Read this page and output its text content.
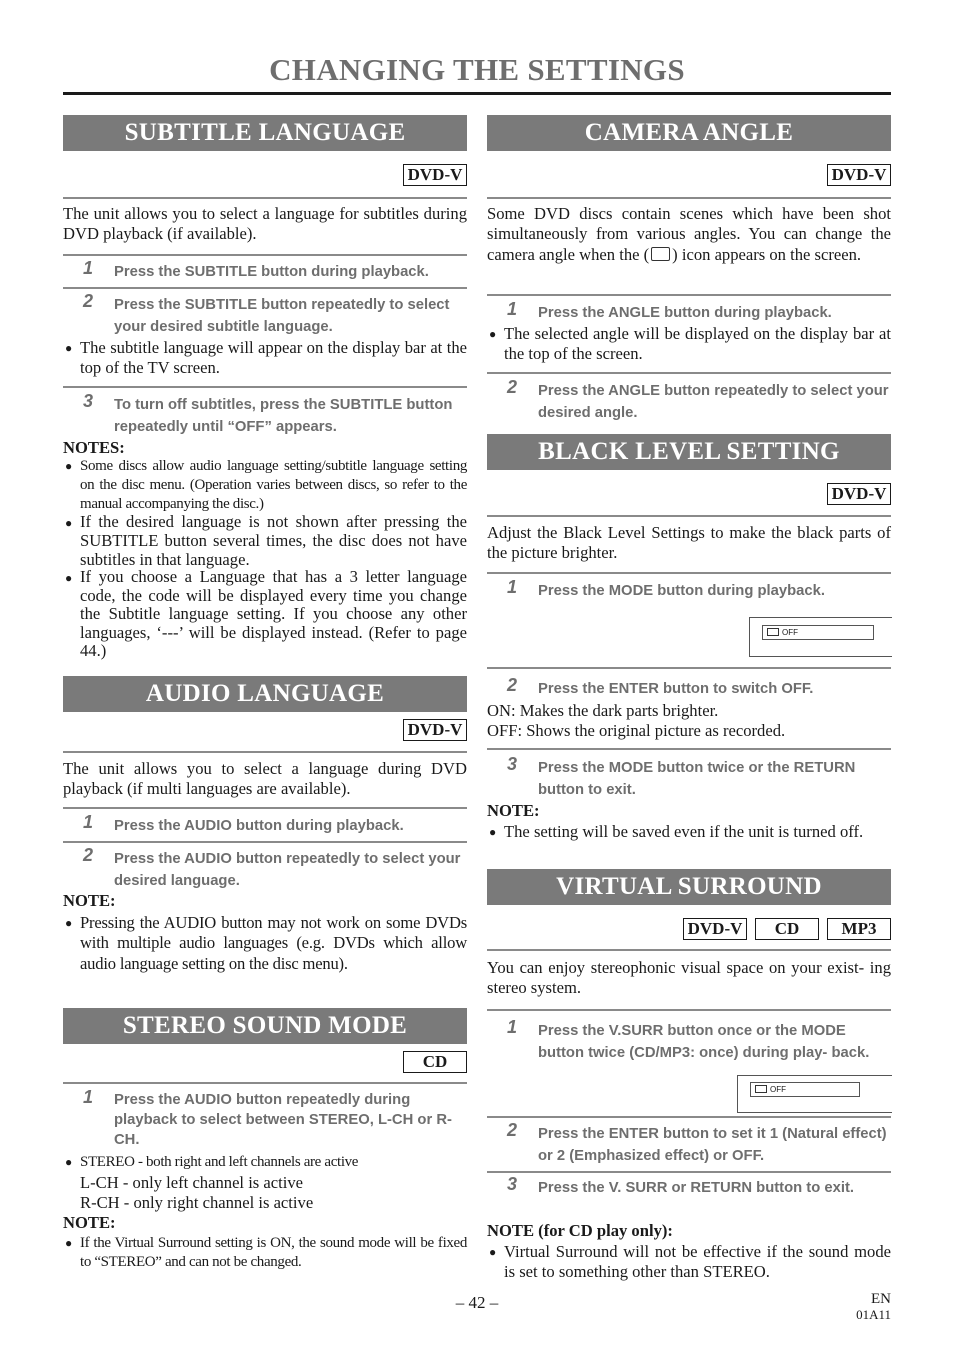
CHANGING THE SETTINGS
SUBTITLE LANGUAGE
DVD-V

The unit allows you to select a language for subtitles during DVD playback (if available).

1 Press the SUBTITLE button during playback.

2 Press the SUBTITLE button repeatedly to select your desired subtitle language.

● The subtitle language will appear on the display bar at the top of the TV screen.

3 To turn off subtitles, press the SUBTITLE button repeatedly until “OFF” appears.

NOTES:

● Some discs allow audio language setting/subtitle language setting on the disc menu. (Operation varies between discs, so refer to the manual accompanying the disc.)

● If the desired language is not shown after pressing the SUBTITLE button several times, the disc does not have subtitles in that language.

● If you choose a Language that has a 3 letter language code, the code will be displayed every time you change the Subtitle language setting. If you choose any other languages, ‘---’ will be displayed instead. (Refer to page 44.)

AUDIO LANGUAGE
DVD-V

The unit allows you to select a language during DVD playback (if multi languages are available).

1 Press the AUDIO button during playback.

2 Press the AUDIO button repeatedly to select your desired language.

NOTE:

● Pressing the AUDIO button may not work on some DVDs with multiple audio languages (e.g. DVDs which allow audio language setting on the disc menu).

STEREO SOUND MODE
CD
1 Press the AUDIO button repeatedly during playback to select between STEREO, L-CH or R-CH.

● STEREO - both right and left channels are active

L-CH - only left channel is active

R-CH - only right channel is active

NOTE:

● If the Virtual Surround setting is ON, the sound mode will be fixed to “STEREO” and can not be changed.

CAMERA ANGLE
DVD-V

Some DVD discs contain scenes which have been shot simultaneously from various angles. You can change the camera angle when the ( ) icon appears on the screen.

1 Press the ANGLE button during playback.

● The selected angle will be displayed on the display bar at the top of the screen.

2 Press the ANGLE button repeatedly to select your desired angle.

BLACK LEVEL SETTING
DVD-V

Adjust the Black Level Settings to make the black parts of the picture brighter.

1 Press the MODE button during playback.

OFF
2 Press the ENTER button to switch OFF.

ON: Makes the dark parts brighter.

OFF: Shows the original picture as recorded.

3 Press the MODE button twice or the RETURN button to exit.

NOTE:

● The setting will be saved even if the unit is turned off.

VIRTUAL SURROUND
DVD-V CD MP3

You can enjoy stereophonic visual space on your exist- ing stereo system.

1 Press the V.SURR button once or the MODE button twice (CD/MP3: once) during play- back.

OFF
2 Press the ENTER button to set it 1 (Natural effect) or 2 (Emphasized effect) or OFF.

3 Press the V. SURR or RETURN button to exit.

NOTE (for CD play only):

● Virtual Surround will not be effective if the sound mode is set to something other than STEREO.

– 42 –	EN
01A11
